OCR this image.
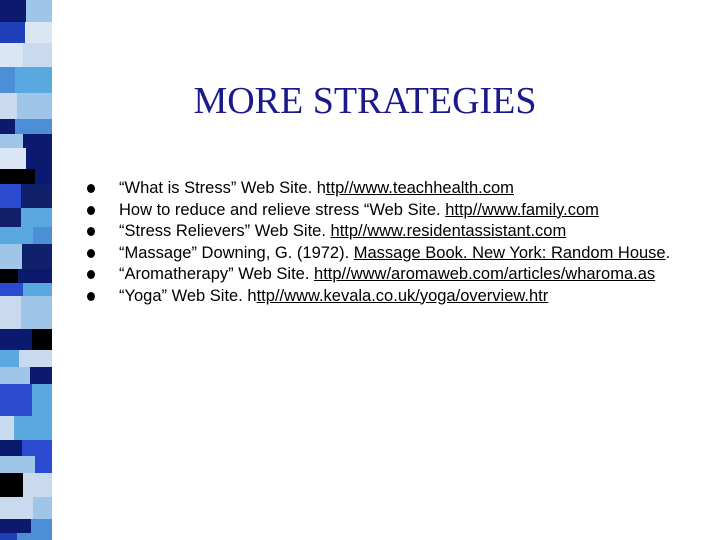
MORE STRATEGIES
“What is Stress” Web Site. http//www.teachhealth.com
How to reduce and relieve stress “Web Site. http//www.family.com
“Stress Relievers” Web Site. http//www.residentassistant.com
“Massage” Downing, G. (1972). Massage Book. New York: Random House.
“Aromatherapy” Web Site. http//www/aromaweb.com/articles/wharoma.as
“Yoga” Web Site. http//www.kevala.co.uk/yoga/overview.htr
